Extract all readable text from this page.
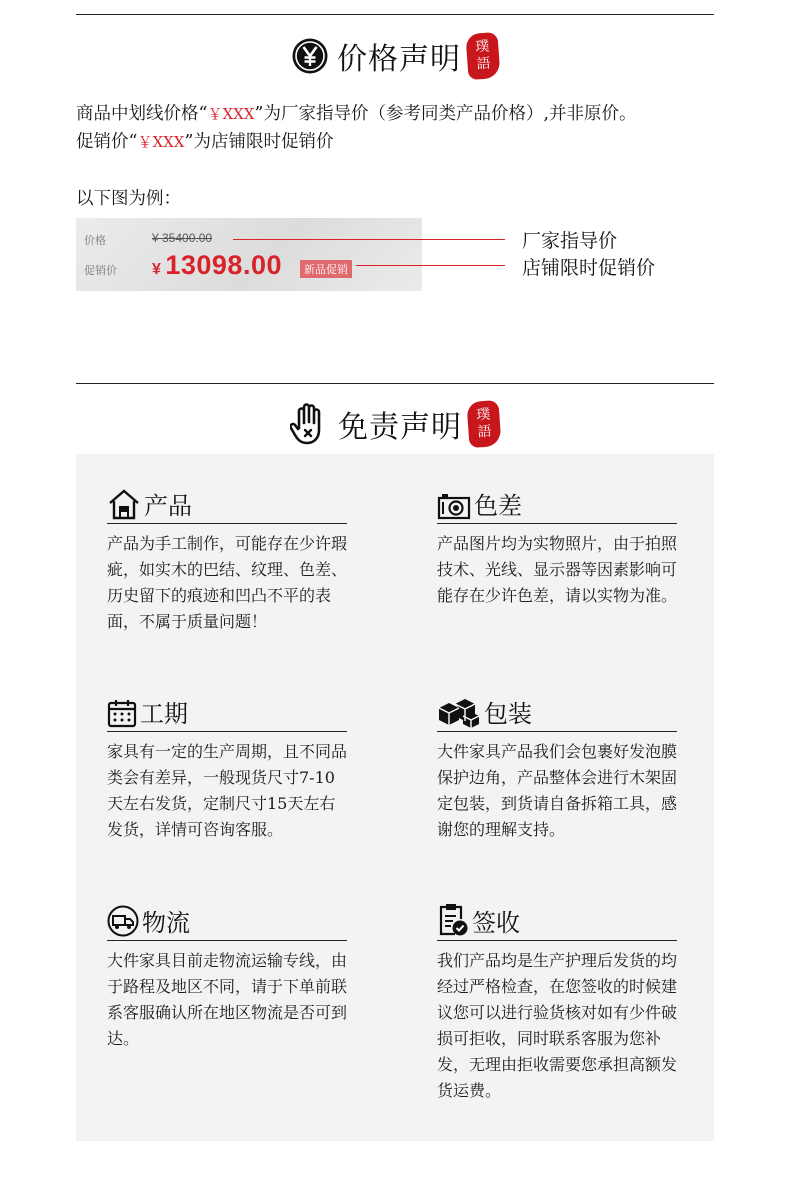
价格声明 璞
語
商品中划线价格“￥XXX”为厂家指导价（参考同类产品价格）,并非原价。
促销价“￥XXX”为店铺限时促销价
以下图为例：
价格	¥ 35400.00
促销价 ¥ 13098.00	新品促销
厂家指导价
店铺限时促销价
免责声明 璞
語
产品
产品为手工制作，可能存在少许瑕疵，如实木的巴结、纹理、色差、历史留下的痕迹和凹凸不平的表面，不属于质量问题！
色差
产品图片均为实物照片，由于拍照技术、光线、显示器等因素影响可能存在少许色差，请以实物为准。
工期
家具有一定的生产周期，且不同品类会有差异，一般现货尺寸7-10天左右发货，定制尺寸15天左右发货，详情可咨询客服。
包装
大件家具产品我们会包裹好发泡膜保护边角，产品整体会进行木架固定包装，到货请自备拆箱工具，感谢您的理解支持。
物流
大件家具目前走物流运输专线，由于路程及地区不同，请于下单前联系客服确认所在地区物流是否可到达。
签收
我们产品均是生产护理后发货的均经过严格检查，在您签收的时候建议您可以进行验货核对如有少件破损可拒收，同时联系客服为您补发，无理由拒收需要您承担高额发货运费。
